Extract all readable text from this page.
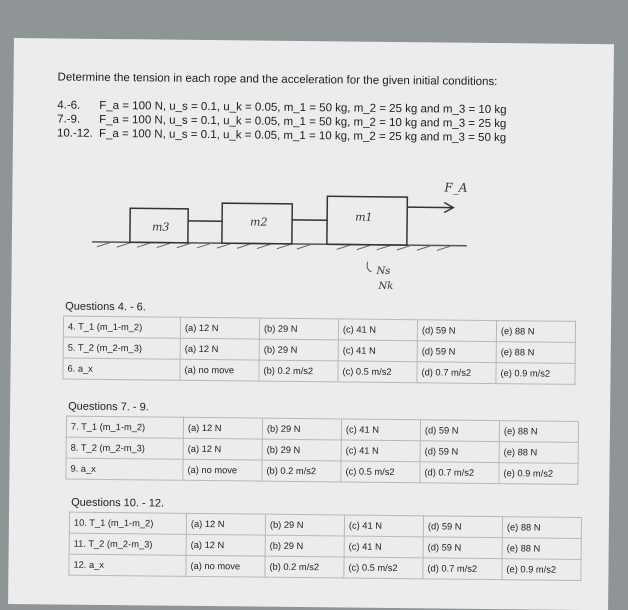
Determine the tension in each rope and the acceleration for the given initial conditions:
4.-6. F_a = 100 N, u_s = 0.1, u_k = 0.05, m_1 = 50 kg, m_2 = 25 kg and m_3 = 10 kg
7.-9. F_a = 100 N, u_s = 0.1, u_k = 0.05, m_1 = 50 kg, m_2 = 10 kg and m_3 = 25 kg
10.-12. F_a = 100 N, u_s = 0.1, u_k = 0.05, m_1 = 10 kg, m_2 = 25 kg and m_3 = 50 kg
F_A
m3	m2	m1
Ns
Nk
Questions 4. - 6.
4. T_1 (m_1-m_2)	(a) 12 N	(b) 29 N	(c) 41 N	(d) 59 N	(e) 88 N
5. T_2 (m_2-m_3)	(a) 12 N	(b) 29 N	(c) 41 N	(d) 59 N	(e) 88 N
6. a_x	(a) no move	(b) 0.2 m/s2	(c) 0.5 m/s2	(d) 0.7 m/s2	(e) 0.9 m/s2
Questions 7. - 9.
7. T_1 (m_1-m_2)	(a) 12 N	(b) 29 N	(c) 41 N	(d) 59 N	(e) 88 N
8. T_2 (m_2-m_3)	(a) 12 N	(b) 29 N	(c) 41 N	(d) 59 N	(e) 88 N
9. a_x	(a) no move	(b) 0.2 m/s2	(c) 0.5 m/s2	(d) 0.7 m/s2	(e) 0.9 m/s2
Questions 10. - 12.
10. T_1 (m_1-m_2)	(a) 12 N	(b) 29 N	(c) 41 N	(d) 59 N	(e) 88 N
11. T_2 (m_2-m_3)	(a) 12 N	(b) 29 N	(c) 41 N	(d) 59 N	(e) 88 N
12. a_x	(a) no move	(b) 0.2 m/s2	(c) 0.5 m/s2	(d) 0.7 m/s2	(e) 0.9 m/s2
